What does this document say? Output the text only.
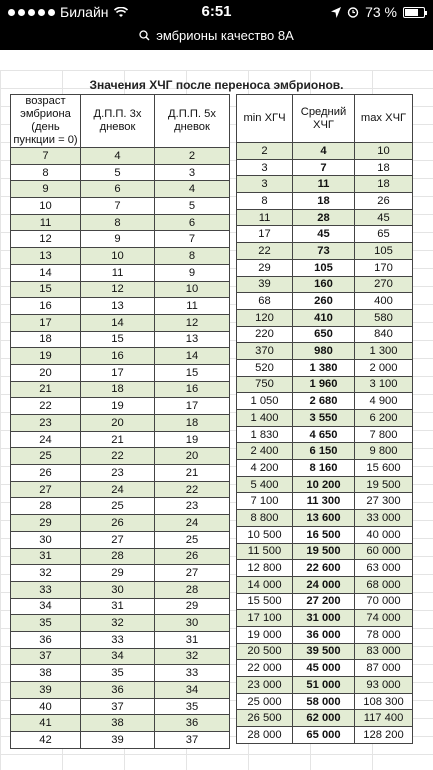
Билайн	6:51	73 %
эмбрионы качество 8А
Значения ХЧГ после переноса эмбрионов.
возраст эмбриона (день пункции = 0)	Д.П.П. 3х дневок	Д.П.П. 5х дневок
7	4	2
8	5	3
9	6	4
10	7	5
11	8	6
12	9	7
13	10	8
14	11	9
15	12	10
16	13	11
17	14	12
18	15	13
19	16	14
20	17	15
21	18	16
22	19	17
23	20	18
24	21	19
25	22	20
26	23	21
27	24	22
28	25	23
29	26	24
30	27	25
31	28	26
32	29	27
33	30	28
34	31	29
35	32	30
36	33	31
37	34	32
38	35	33
39	36	34
40	37	35
41	38	36
42	39	37
min ХГЧ	Средний ХЧГ	max ХЧГ
2	4	10
3	7	18
3	11	18
8	18	26
11	28	45
17	45	65
22	73	105
29	105	170
39	160	270
68	260	400
120	410	580
220	650	840
370	980	1 300
520	1 380	2 000
750	1 960	3 100
1 050	2 680	4 900
1 400	3 550	6 200
1 830	4 650	7 800
2 400	6 150	9 800
4 200	8 160	15 600
5 400	10 200	19 500
7 100	11 300	27 300
8 800	13 600	33 000
10 500	16 500	40 000
11 500	19 500	60 000
12 800	22 600	63 000
14 000	24 000	68 000
15 500	27 200	70 000
17 100	31 000	74 000
19 000	36 000	78 000
20 500	39 500	83 000
22 000	45 000	87 000
23 000	51 000	93 000
25 000	58 000	108 300
26 500	62 000	117 400
28 000	65 000	128 200
